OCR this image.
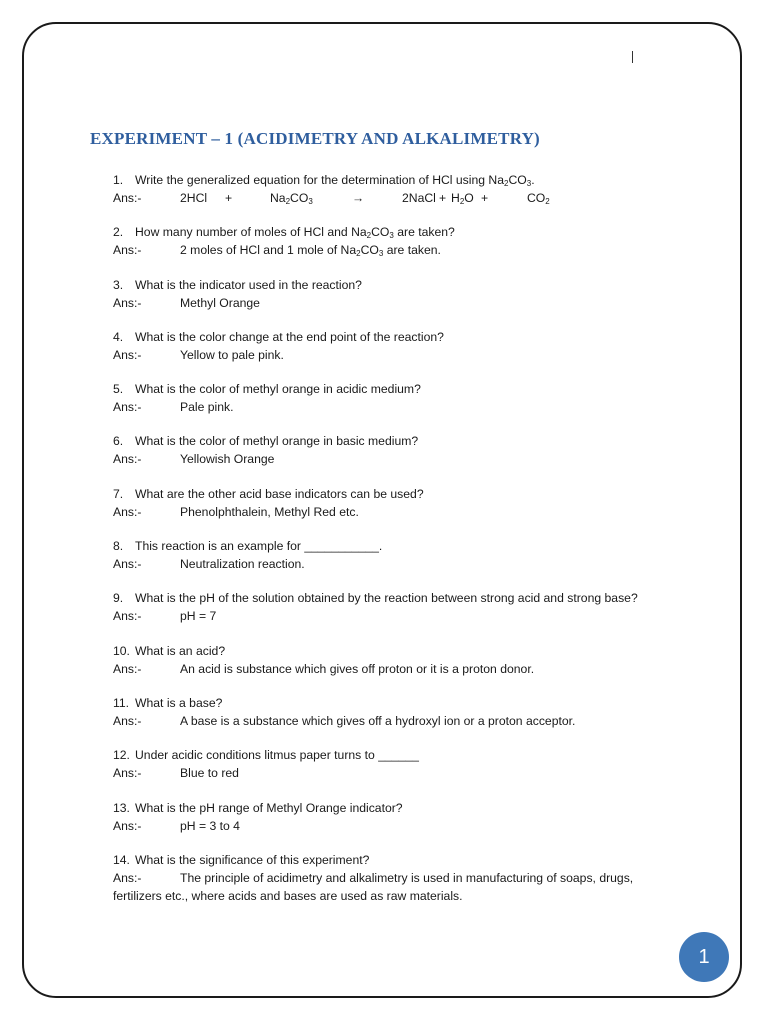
EXPERIMENT – 1 (ACIDIMETRY AND ALKALIMETRY)
1. Write the generalized equation for the determination of HCl using $Na_2CO_3$.
Ans:-	2HCl +	$Na_2CO_3$	→	2NaCl + $H_2O$ +	$CO_2$
2. How many number of moles of HCl and $Na_2CO_3$ are taken?
Ans:-	2 moles of HCl and 1 mole of $Na_2CO_3$ are taken.
3. What is the indicator used in the reaction?
Ans:-	Methyl Orange
4. What is the color change at the end point of the reaction?
Ans:-	Yellow to pale pink.
5. What is the color of methyl orange in acidic medium?
Ans:-	Pale pink.
6. What is the color of methyl orange in basic medium?
Ans:-	Yellowish Orange
7. What are the other acid base indicators can be used?
Ans:-	Phenolphthalein, Methyl Red etc.
8. This reaction is an example for ___________.
Ans:-	Neutralization reaction.
9. What is the pH of the solution obtained by the reaction between strong acid and strong base?
Ans:-	pH = 7
10. What is an acid?
Ans:-	An acid is substance which gives off proton or it is a proton donor.
11. What is a base?
Ans:-	A base is a substance which gives off a hydroxyl ion or a proton acceptor.
12. Under acidic conditions litmus paper turns to ______
Ans:-	Blue to red
13. What is the pH range of Methyl Orange indicator?
Ans:-	pH = 3 to 4
14. What is the significance of this experiment?
Ans:-	The principle of acidimetry and alkalimetry is used in manufacturing of soaps, drugs,
fertilizers etc., where acids and bases are used as raw materials.
1
